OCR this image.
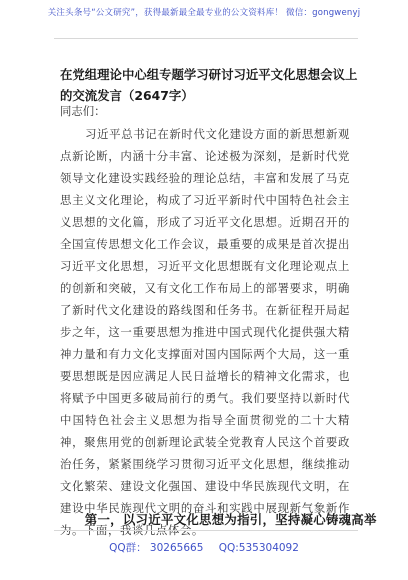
关注头条号“公文研究”，获得最新最全最专业的公文资料库！ 微信：gongwenyj
在党组理论中心组专题学习研讨习近平文化思想会议上的交流发言（2647字）
同志们：

习近平总书记在新时代文化建设方面的新思想新观点新论断，内涵十分丰富、论述极为深刻，是新时代党领导文化建设实践经验的理论总结，丰富和发展了马克思主义文化理论，构成了习近平新时代中国特色社会主义思想的文化篇，形成了习近平文化思想。近期召开的全国宣传思想文化工作会议，最重要的成果是首次提出习近平文化思想，习近平文化思想既有文化理论观点上的创新和突破，又有文化工作布局上的部署要求，明确了新时代文化建设的路线图和任务书。在新征程开局起步之年，这一重要思想为推进中国式现代化提供强大精神力量和有力文化支撑面对国内国际两个大局，这一重要思想既是因应满足人民日益增长的精神文化需求，也将赋予中国更多破局前行的勇气。我们要坚持以新时代中国特色社会主义思想为指导全面贯彻党的二十大精神，聚焦用党的创新理论武装全党教育人民这个首要政治任务，紧紧围绕学习贯彻习近平文化思想，继续推动文化繁荣、建设文化强国、建设中华民族现代文明，在建设中华民族现代文明的奋斗和实践中展现新气象新作为。下面，我谈几点体会。

第一，以习近平文化思想为指引，坚持凝心铸魂高举
QQ群： 30265665 QQ:535304092
